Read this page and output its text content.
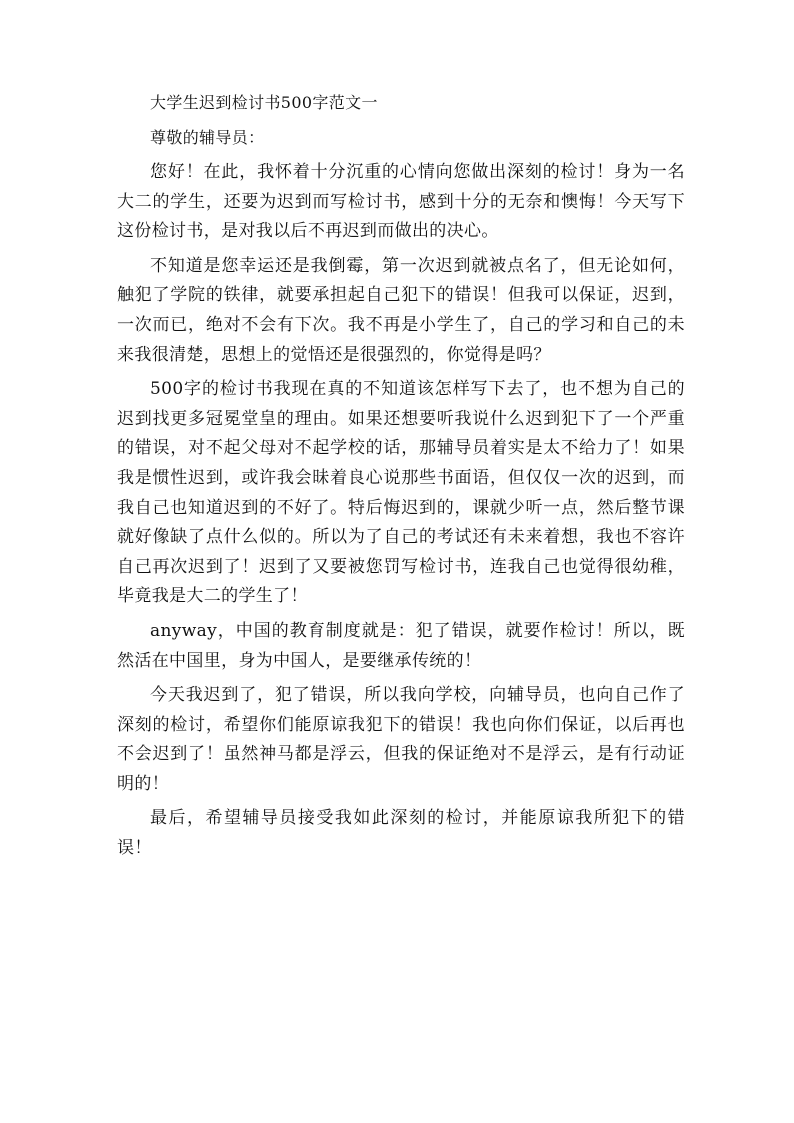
大学生迟到检讨书500字范文一

尊敬的辅导员：

您好！在此，我怀着十分沉重的心情向您做出深刻的检讨！身为一名大二的学生，还要为迟到而写检讨书，感到十分的无奈和懊悔！今天写下这份检讨书，是对我以后不再迟到而做出的决心。

不知道是您幸运还是我倒霉，第一次迟到就被点名了，但无论如何，触犯了学院的铁律，就要承担起自己犯下的错误！但我可以保证，迟到，一次而已，绝对不会有下次。我不再是小学生了，自己的学习和自己的未来我很清楚，思想上的觉悟还是很强烈的，你觉得是吗？

500字的检讨书我现在真的不知道该怎样写下去了，也不想为自己的迟到找更多冠冕堂皇的理由。如果还想要听我说什么迟到犯下了一个严重的错误，对不起父母对不起学校的话，那辅导员着实是太不给力了！如果我是惯性迟到，或许我会昧着良心说那些书面语，但仅仅一次的迟到，而我自己也知道迟到的不好了。特后悔迟到的，课就少听一点，然后整节课就好像缺了点什么似的。所以为了自己的考试还有未来着想，我也不容许自己再次迟到了！迟到了又要被您罚写检讨书，连我自己也觉得很幼稚，毕竟我是大二的学生了！

anyway，中国的教育制度就是：犯了错误，就要作检讨！所以，既然活在中国里，身为中国人，是要继承传统的！

今天我迟到了，犯了错误，所以我向学校，向辅导员，也向自己作了深刻的检讨，希望你们能原谅我犯下的错误！我也向你们保证，以后再也不会迟到了！虽然神马都是浮云，但我的保证绝对不是浮云，是有行动证明的！

最后，希望辅导员接受我如此深刻的检讨，并能原谅我所犯下的错误！
